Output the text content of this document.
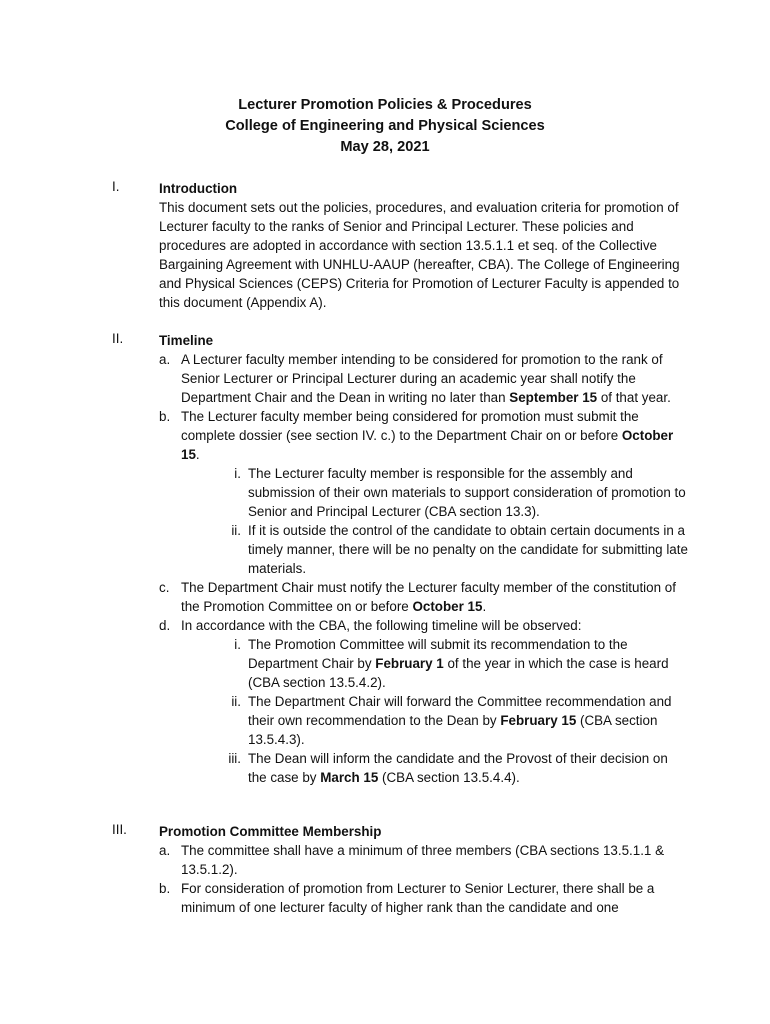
Lecturer Promotion Policies & Procedures
College of Engineering and Physical Sciences
May 28, 2021
I.	Introduction

This document sets out the policies, procedures, and evaluation criteria for promotion of Lecturer faculty to the ranks of Senior and Principal Lecturer. These policies and procedures are adopted in accordance with section 13.5.1.1 et seq. of the Collective Bargaining Agreement with UNHLU-AAUP (hereafter, CBA). The College of Engineering and Physical Sciences (CEPS) Criteria for Promotion of Lecturer Faculty is appended to this document (Appendix A).

II.	Timeline
a. A Lecturer faculty member intending to be considered for promotion to the rank of Senior Lecturer or Principal Lecturer during an academic year shall notify the Department Chair and the Dean in writing no later than September 15 of that year.
b. The Lecturer faculty member being considered for promotion must submit the complete dossier (see section IV. c.) to the Department Chair on or before October 15.
i. The Lecturer faculty member is responsible for the assembly and submission of their own materials to support consideration of promotion to Senior and Principal Lecturer (CBA section 13.3).
ii. If it is outside the control of the candidate to obtain certain documents in a timely manner, there will be no penalty on the candidate for submitting late materials.
c. The Department Chair must notify the Lecturer faculty member of the constitution of the Promotion Committee on or before October 15.
d. In accordance with the CBA, the following timeline will be observed:
i. The Promotion Committee will submit its recommendation to the Department Chair by February 1 of the year in which the case is heard (CBA section 13.5.4.2).
ii. The Department Chair will forward the Committee recommendation and their own recommendation to the Dean by February 15 (CBA section 13.5.4.3).
iii. The Dean will inform the candidate and the Provost of their decision on the case by March 15 (CBA section 13.5.4.4).
III. Promotion Committee Membership
a. The committee shall have a minimum of three members (CBA sections 13.5.1.1 & 13.5.1.2).
b. For consideration of promotion from Lecturer to Senior Lecturer, there shall be a minimum of one lecturer faculty of higher rank than the candidate and one
